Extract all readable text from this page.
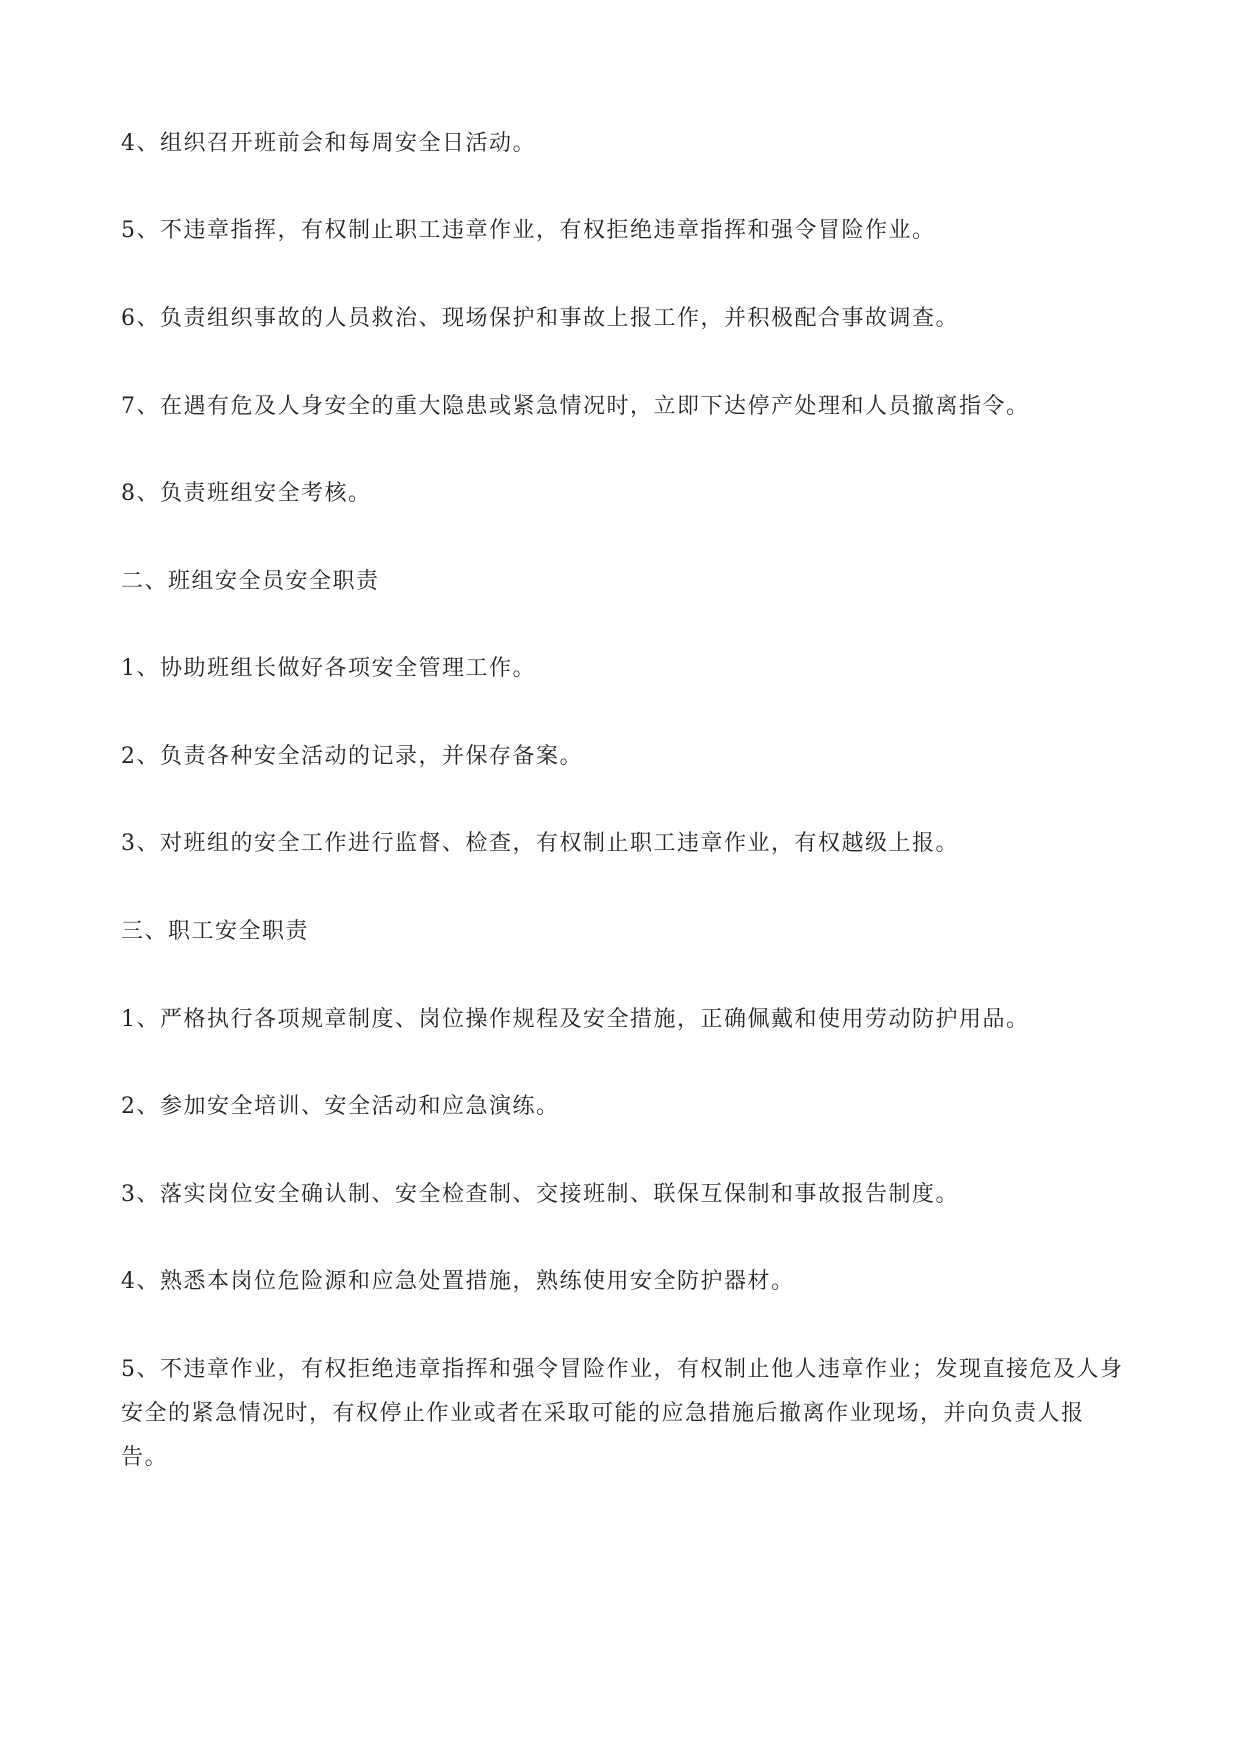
4、组织召开班前会和每周安全日活动。

5、不违章指挥，有权制止职工违章作业，有权拒绝违章指挥和强令冒险作业。

6、负责组织事故的人员救治、现场保护和事故上报工作，并积极配合事故调查。

7、在遇有危及人身安全的重大隐患或紧急情况时，立即下达停产处理和人员撤离指令。

8、负责班组安全考核。

二、班组安全员安全职责

1、协助班组长做好各项安全管理工作。

2、负责各种安全活动的记录，并保存备案。

3、对班组的安全工作进行监督、检查，有权制止职工违章作业，有权越级上报。

三、职工安全职责

1、严格执行各项规章制度、岗位操作规程及安全措施，正确佩戴和使用劳动防护用品。

2、参加安全培训、安全活动和应急演练。

3、落实岗位安全确认制、安全检查制、交接班制、联保互保制和事故报告制度。

4、熟悉本岗位危险源和应急处置措施，熟练使用安全防护器材。

5、不违章作业，有权拒绝违章指挥和强令冒险作业，有权制止他人违章作业；发现直接危及人身安全的紧急情况时，有权停止作业或者在采取可能的应急措施后撤离作业现场，并向负责人报告。
